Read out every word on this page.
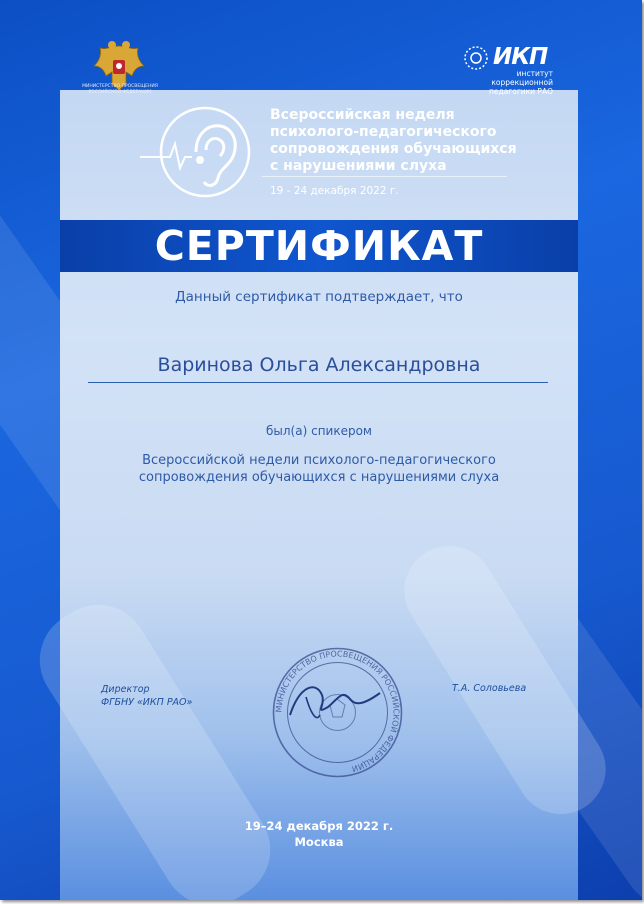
МИНИСТЕРСТВО ПРОСВЕЩЕНИЯ РОССИЙСКОЙ ФЕДЕРАЦИИ
ИКП
институт
коррекционной
педагогики РАО
Всероссийская неделя
психолого-педагогического
сопровождения обучающихся
с нарушениями слуха
19 - 24 декабря 2022 г.
СЕРТИФИКАТ
Данный сертификат подтверждает, что
Варинова Ольга Александровна
был(а) спикером
Всероссийской недели психолого-педагогического
сопровождения обучающихся с нарушениями слуха
Директор
ФГБНУ «ИКП РАО»
Т.А. Соловьева
МИНИСТЕРСТВО ПРОСВЕЩЕНИЯ РОССИЙСКОЙ ФЕДЕРАЦИИ
19–24 декабря 2022 г.
Москва
